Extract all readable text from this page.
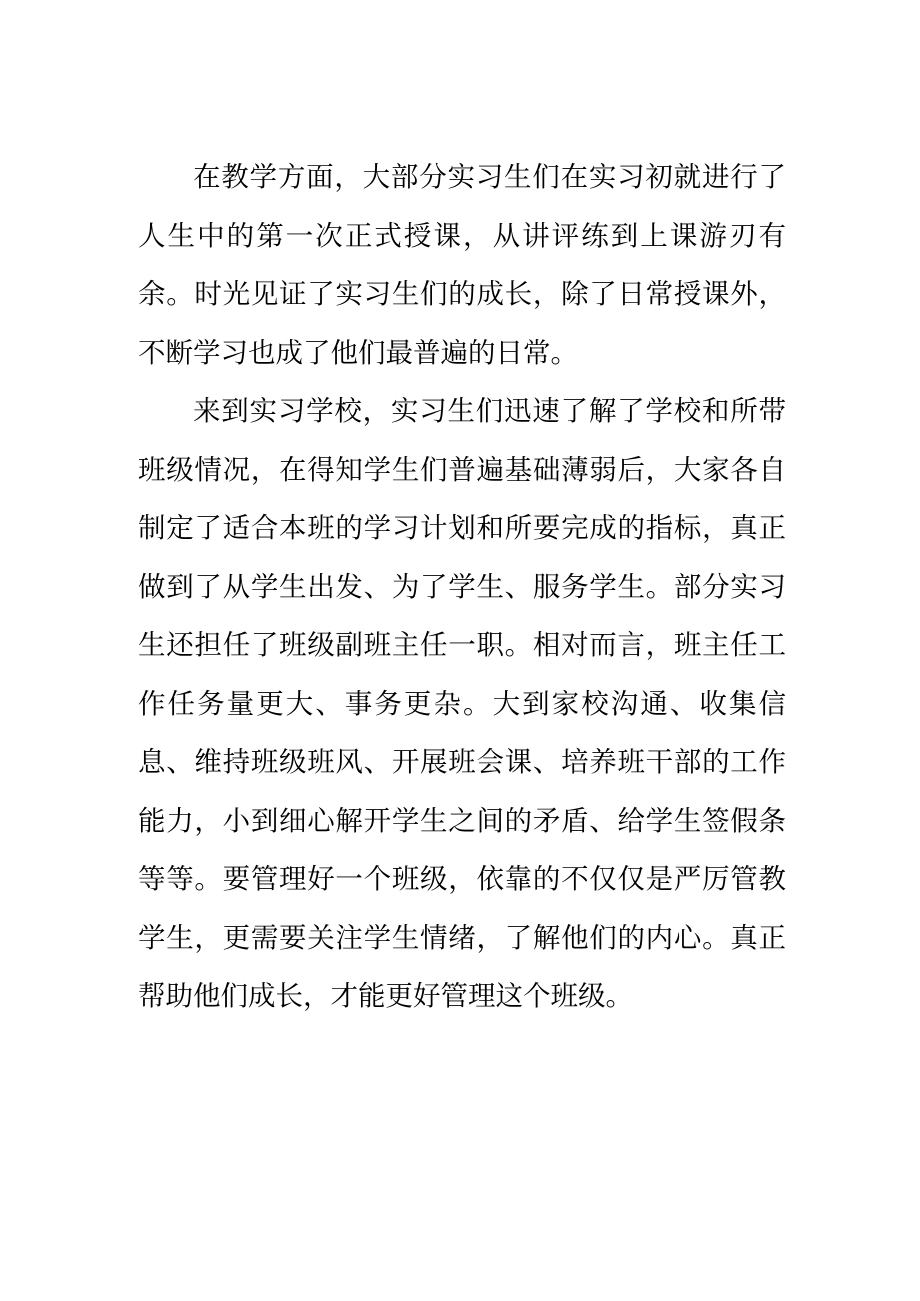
在教学方面，大部分实习生们在实习初就进行了人生中的第一次正式授课，从讲评练到上课游刃有余。时光见证了实习生们的成长，除了日常授课外，不断学习也成了他们最普遍的日常。

来到实习学校，实习生们迅速了解了学校和所带班级情况，在得知学生们普遍基础薄弱后，大家各自制定了适合本班的学习计划和所要完成的指标，真正做到了从学生出发、为了学生、服务学生。部分实习生还担任了班级副班主任一职。相对而言，班主任工作任务量更大、事务更杂。大到家校沟通、收集信息、维持班级班风、开展班会课、培养班干部的工作能力，小到细心解开学生之间的矛盾、给学生签假条等等。要管理好一个班级，依靠的不仅仅是严厉管教学生，更需要关注学生情绪，了解他们的内心。真正帮助他们成长，才能更好管理这个班级。
